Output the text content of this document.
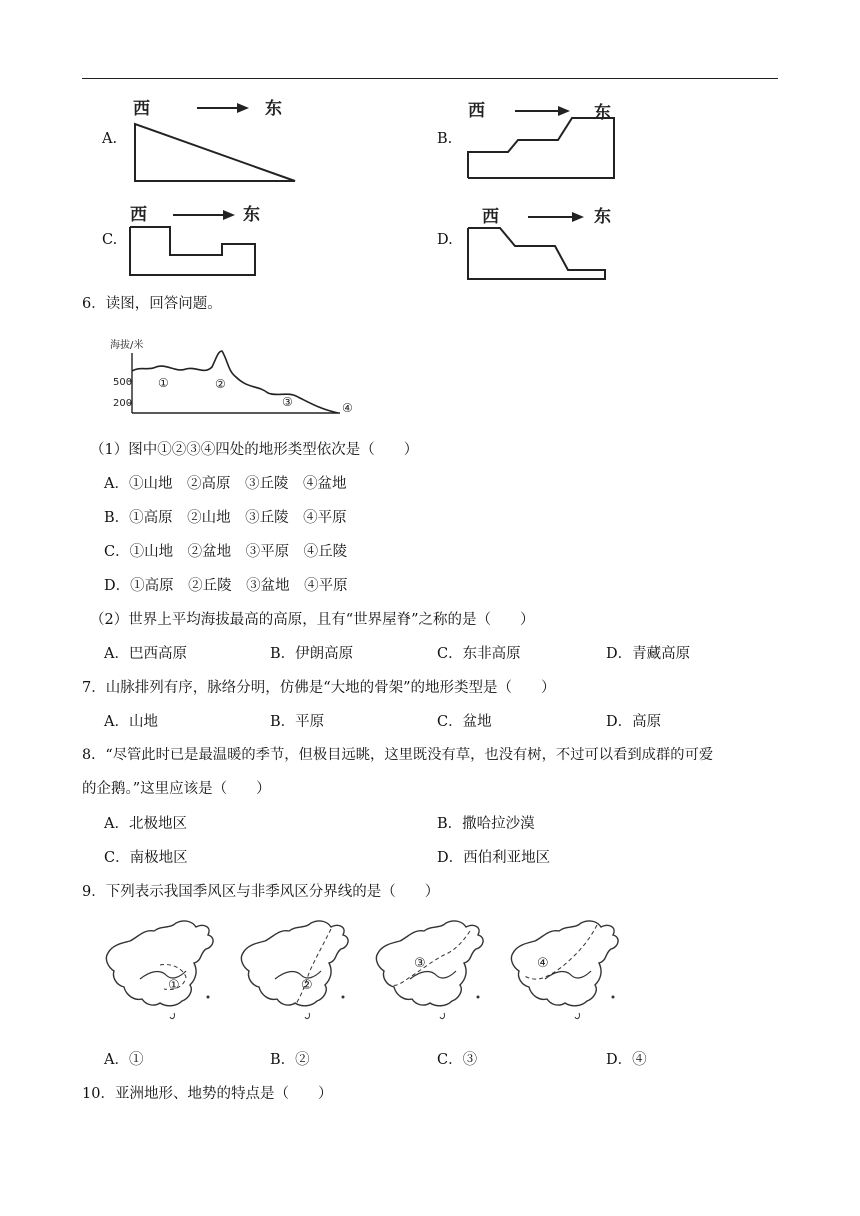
A.
西	东
B.
西	东
C.
西	东
D.
西	东
6．读图，回答问题。
海拔/米
500
200
①	②
③	④
（1）图中①②③④四处的地形类型依次是（　　）
A．①山地　②高原　③丘陵　④盆地
B．①高原　②山地　③丘陵　④平原
C．①山地　②盆地　③平原　④丘陵
D．①高原　②丘陵　③盆地　④平原
（2）世界上平均海拔最高的高原，且有“世界屋脊”之称的是（　　）
A．巴西高原	B．伊朗高原	C．东非高原	D．青藏高原
7．山脉排列有序，脉络分明，仿佛是“大地的骨架”的地形类型是（　　）
A．山地	B．平原	C．盆地	D．高原
8．“尽管此时已是最温暖的季节，但极目远眺，这里既没有草，也没有树，不过可以看到成群的可爱
的企鹅。”这里应该是（　　）
A．北极地区	B．撒哈拉沙漠
C．南极地区	D．西伯利亚地区
9．下列表示我国季风区与非季风区分界线的是（　　）
①	②
③	④
A．①	B．②	C．③	D．④
10．亚洲地形、地势的特点是（　　）
